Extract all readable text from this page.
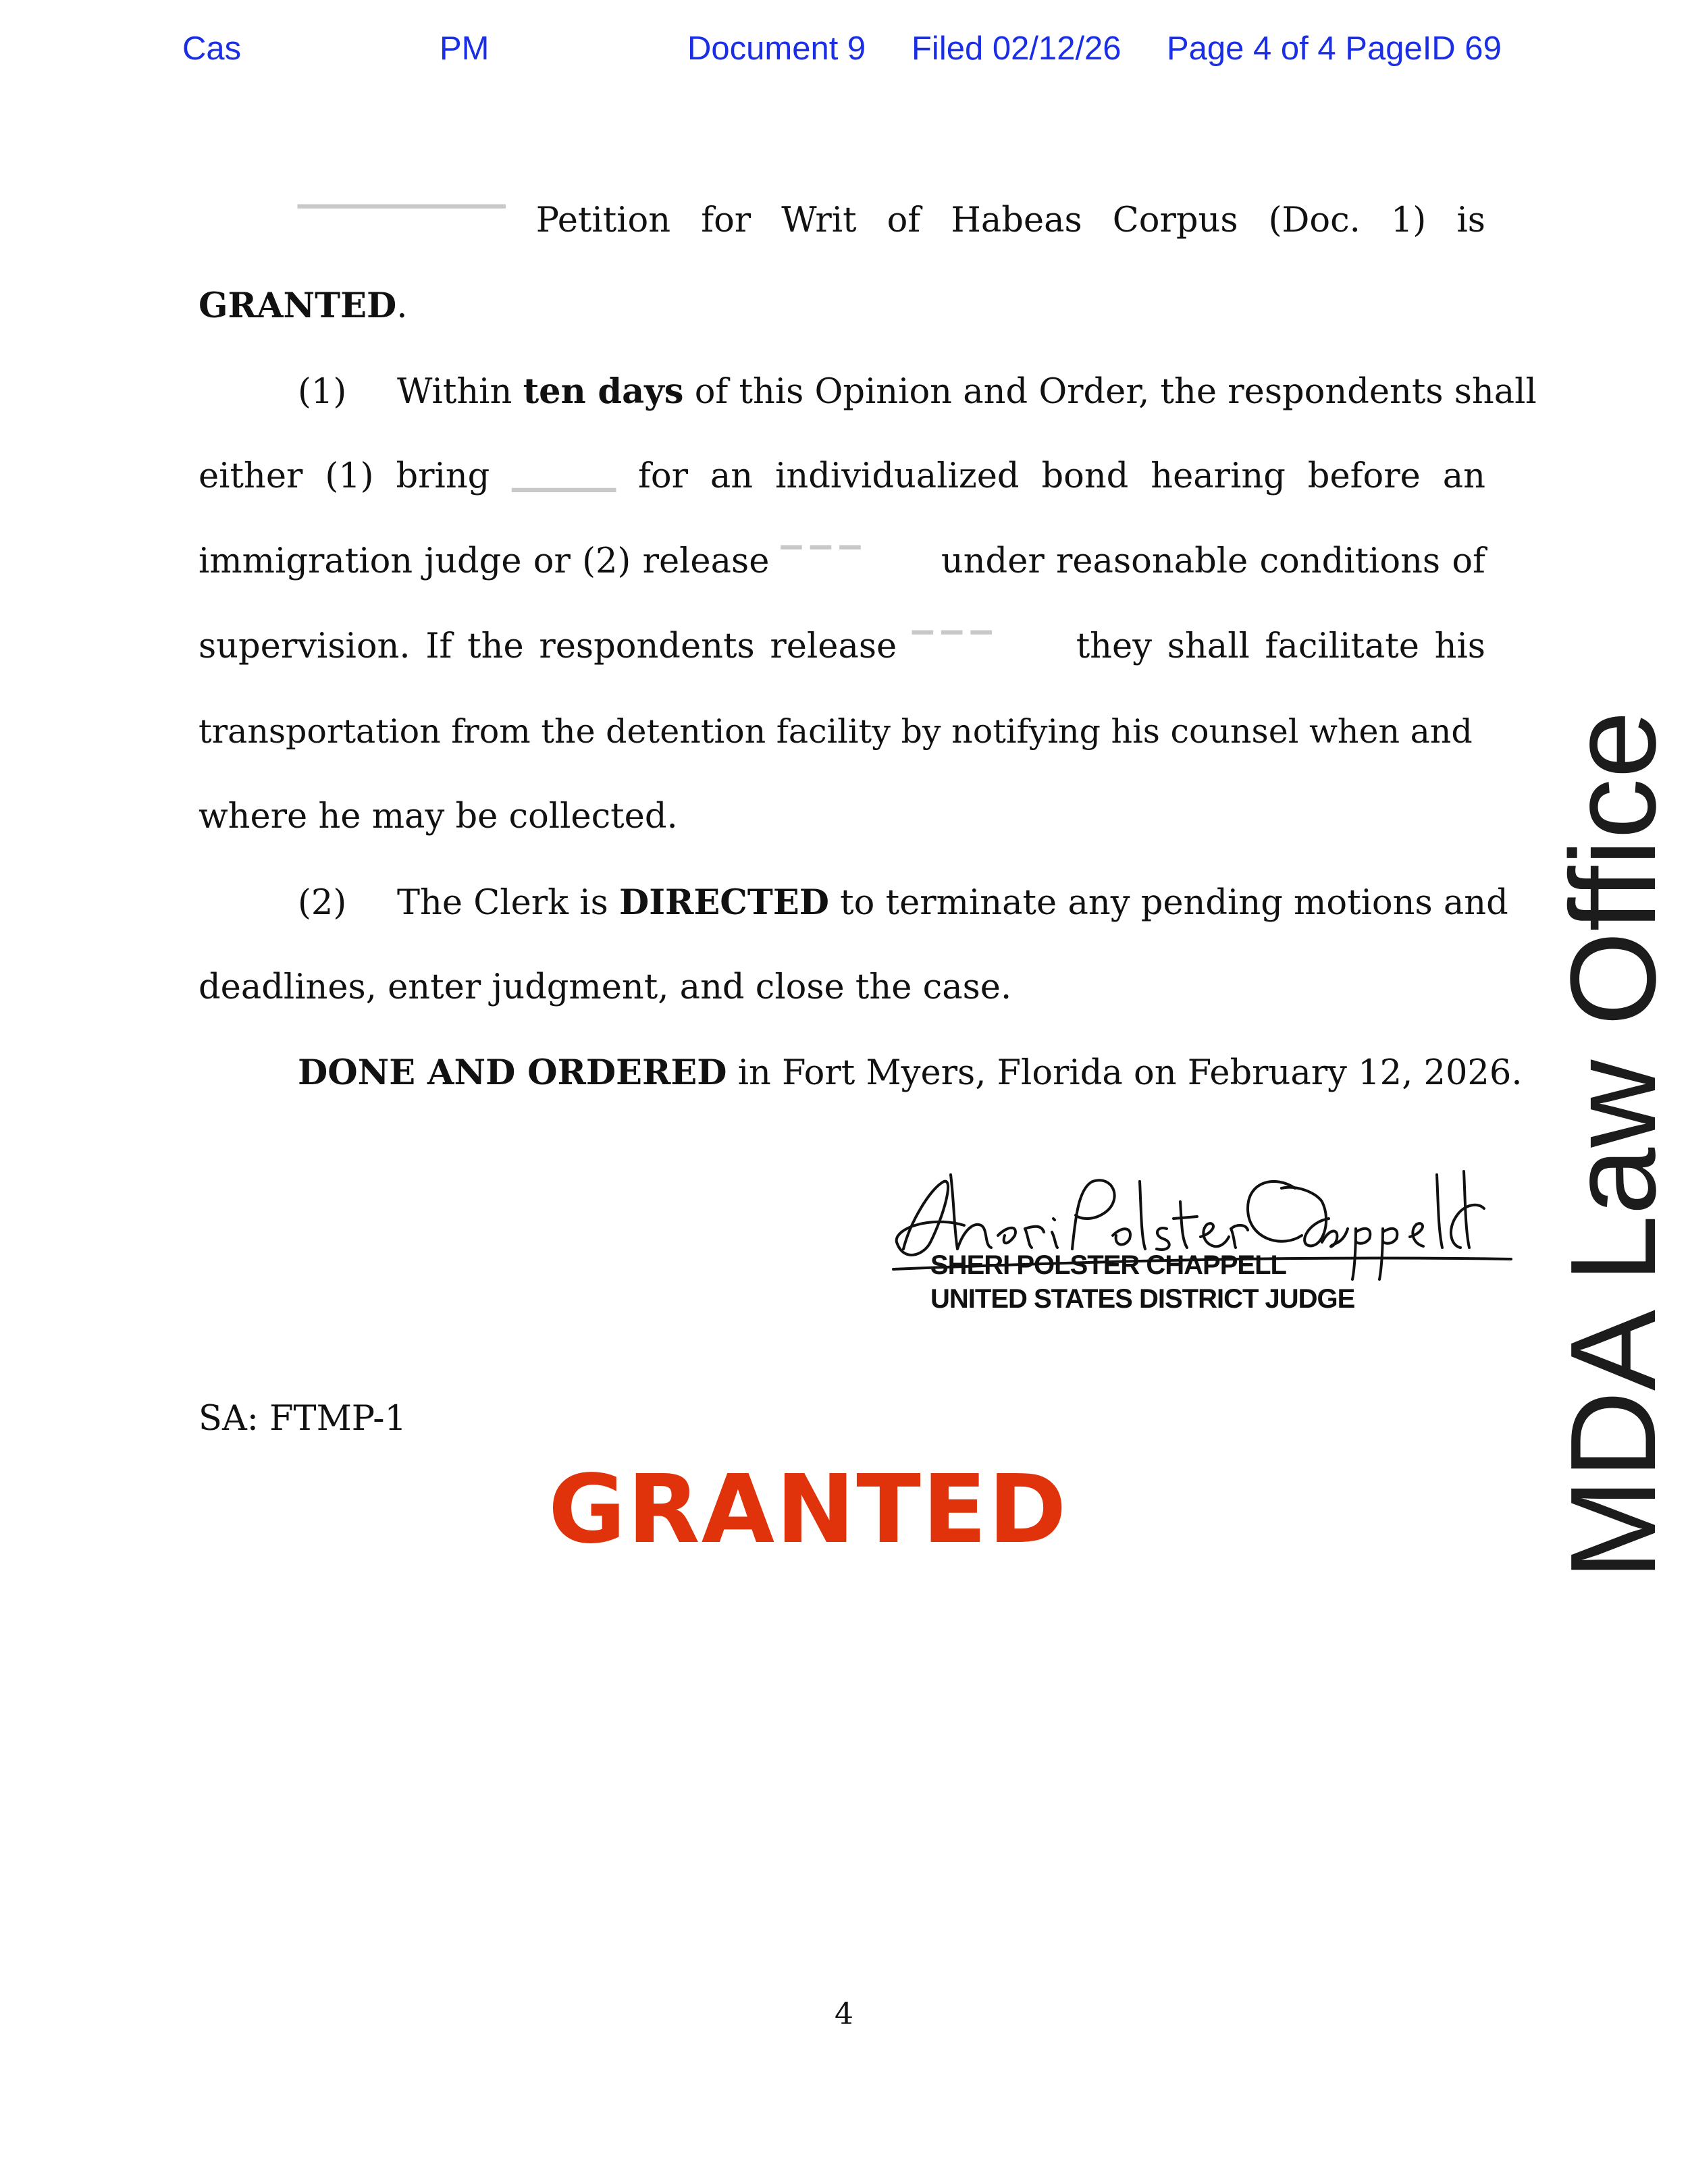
Cas	PM	Document 9 Filed 02/12/26 Page 4 of 4 PageID 69
▔▔▔▔▔▔▔▔▔▔ Petition for Writ of Habeas Corpus (Doc. 1) is
GRANTED.
(1) Within ten days of this Opinion and Order, the respondents shall
either (1) bring ▁▁▁▁▁ for an individualized bond hearing before an
immigration judge or (2) release ▔ ▔ ▔	under reasonable conditions of
supervision. If the respondents release ▔ ▔ ▔	they shall facilitate his
transportation from the detention facility by notifying his counsel when and
where he may be collected.
(2) The Clerk is DIRECTED to terminate any pending motions and
deadlines, enter judgment, and close the case.
DONE AND ORDERED in Fort Myers, Florida on February 12, 2026.
SHERI POLSTER CHAPPELL
UNITED STATES DISTRICT JUDGE
SA: FTMP-1
GRANTED	MDA Law Office
4
